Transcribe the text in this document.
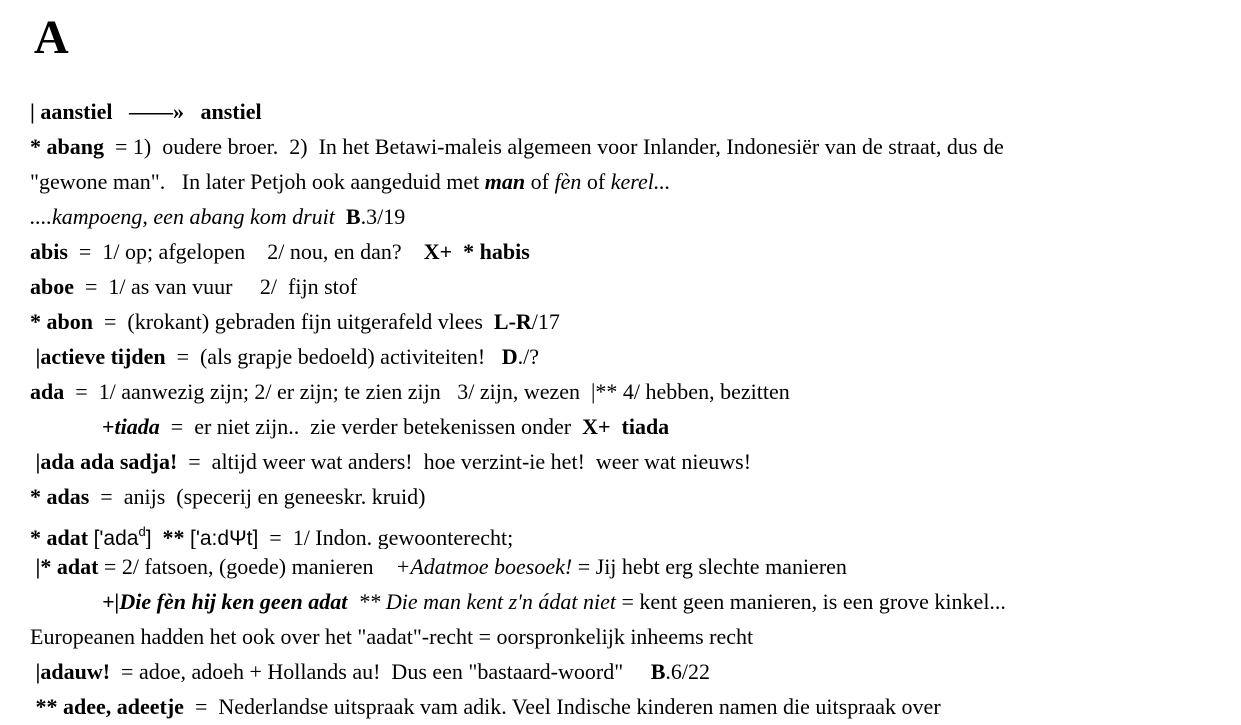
A
| aanstiel   ——»   anstiel
* abang  = 1)  oudere broer.  2)  In het Betawi-maleis algemeen voor Inlander, Indonesiër van de straat, dus de
"gewone man".   In later Petjoh ook aangeduid met man of fèn of kerel...
....kampoeng, een abang kom druit B.3/19
abis  =  1/ op; afgelopen    2/ nou, en dan?    X+  * habis
aboe  =  1/ as van vuur     2/  fijn stof
* abon  =  (krokant) gebraden fijn uitgerafeld vlees  L-R/17
|actieve tijden  =  (als grapje bedoeld) activiteiten!   D./?
ada  =  1/ aanwezig zijn; 2/ er zijn; te zien zijn   3/ zijn, wezen  |** 4/ hebben, bezitten
+tiada  =  er niet zijn..  zie verder betekenissen onder  X+  tiada
|ada ada sadja!  =  altijd weer wat anders!  hoe verzint-ie het!  weer wat nieuws!
* adas  =  anijs  (specerij en geneeskr. kruid)
* adat ['ada$^d$]  ** ['a:dΨt]  =  1/ Indon. gewoonterecht;
|* adat = 2/ fatsoen, (goede) manieren    +Adatmoe boesoek! = Jij hebt erg slechte manieren
+|Die fèn hij ken geen adat  ** Die man kent z'n ádat niet = kent geen manieren, is een grove kinkel...
Europeanen hadden het ook over het "aadat"-recht = oorspronkelijk inheems recht
|adauw!  = adoe, adoeh + Hollands au!  Dus een "bastaard-woord"     B.6/22
** adee, adeetje  =  Nederlandse uitspraak vam adik. Veel Indische kinderen namen die uitspraak over
